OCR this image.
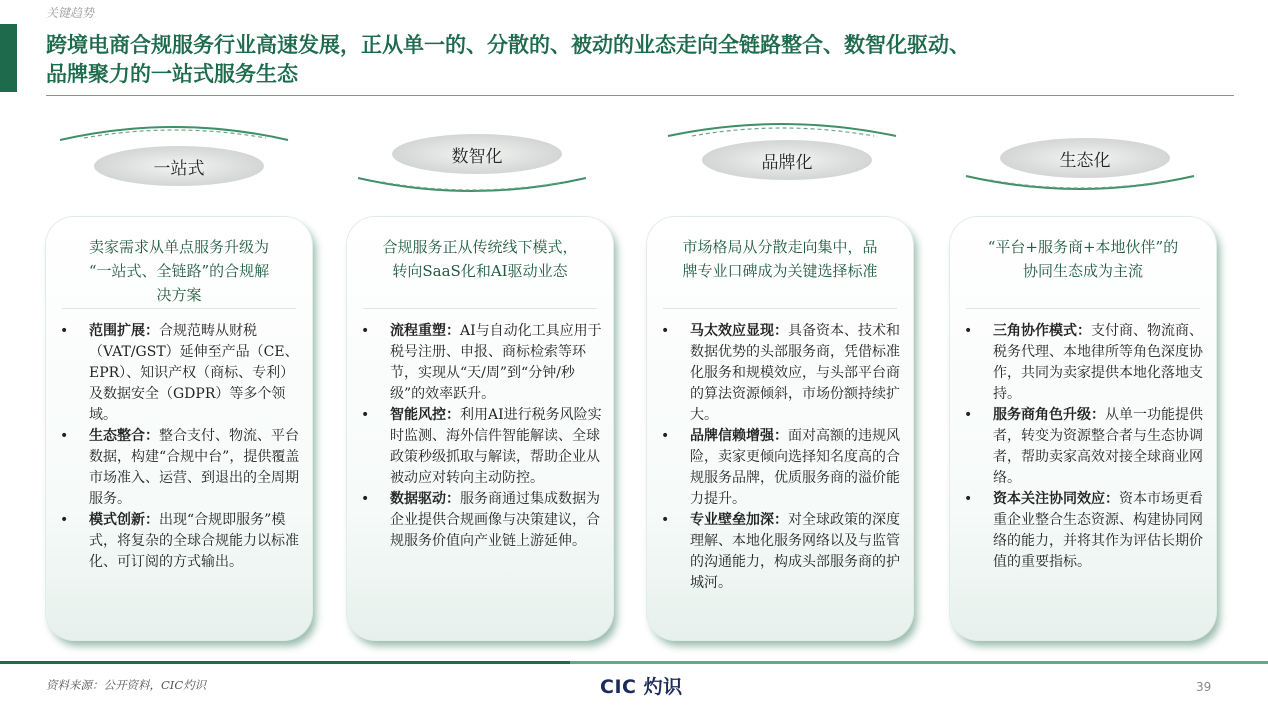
关键趋势
跨境电商合规服务行业高速发展，正从单一的、分散的、被动的业态走向全链路整合、数智化驱动、
品牌聚力的一站式服务生态
一站式
数智化	品牌化	生态化
卖家需求从单点服务升级为
“一站式、全链路”的合规解
决方案
• 范围扩展：合规范畴从财税（VAT/GST）延伸至产品（CE、EPR）、知识产权（商标、专利）及数据安全（GDPR）等多个领域。
• 生态整合：整合支付、物流、平台数据，构建“合规中台”，提供覆盖市场准入、运营、到退出的全周期服务。
• 模式创新：出现“合规即服务”模式，将复杂的全球合规能力以标准化、可订阅的方式输出。
合规服务正从传统线下模式，
转向SaaS化和AI驱动业态
• 流程重塑：AI与自动化工具应用于税号注册、申报、商标检索等环节，实现从“天/周”到“分钟/秒级”的效率跃升。
• 智能风控：利用AI进行税务风险实时监测、海外信件智能解读、全球政策秒级抓取与解读，帮助企业从被动应对转向主动防控。
• 数据驱动：服务商通过集成数据为企业提供合规画像与决策建议，合规服务价值向产业链上游延伸。
市场格局从分散走向集中，品
牌专业口碑成为关键选择标准
• 马太效应显现：具备资本、技术和数据优势的头部服务商，凭借标准化服务和规模效应，与头部平台商的算法资源倾斜，市场份额持续扩大。
• 品牌信赖增强：面对高额的违规风险，卖家更倾向选择知名度高的合规服务品牌，优质服务商的溢价能力提升。
• 专业壁垒加深：对全球政策的深度理解、本地化服务网络以及与监管的沟通能力，构成头部服务商的护城河。
“平台+服务商+本地伙伴”的
协同生态成为主流
• 三角协作模式：支付商、物流商、税务代理、本地律所等角色深度协作，共同为卖家提供本地化落地支持。
• 服务商角色升级：从单一功能提供者，转变为资源整合者与生态协调者，帮助卖家高效对接全球商业网络。
• 资本关注协同效应：资本市场更看重企业整合生态资源、构建协同网络的能力，并将其作为评估长期价值的重要指标。
资料来源：公开资料，CIC灼识	CIC 灼识	39
